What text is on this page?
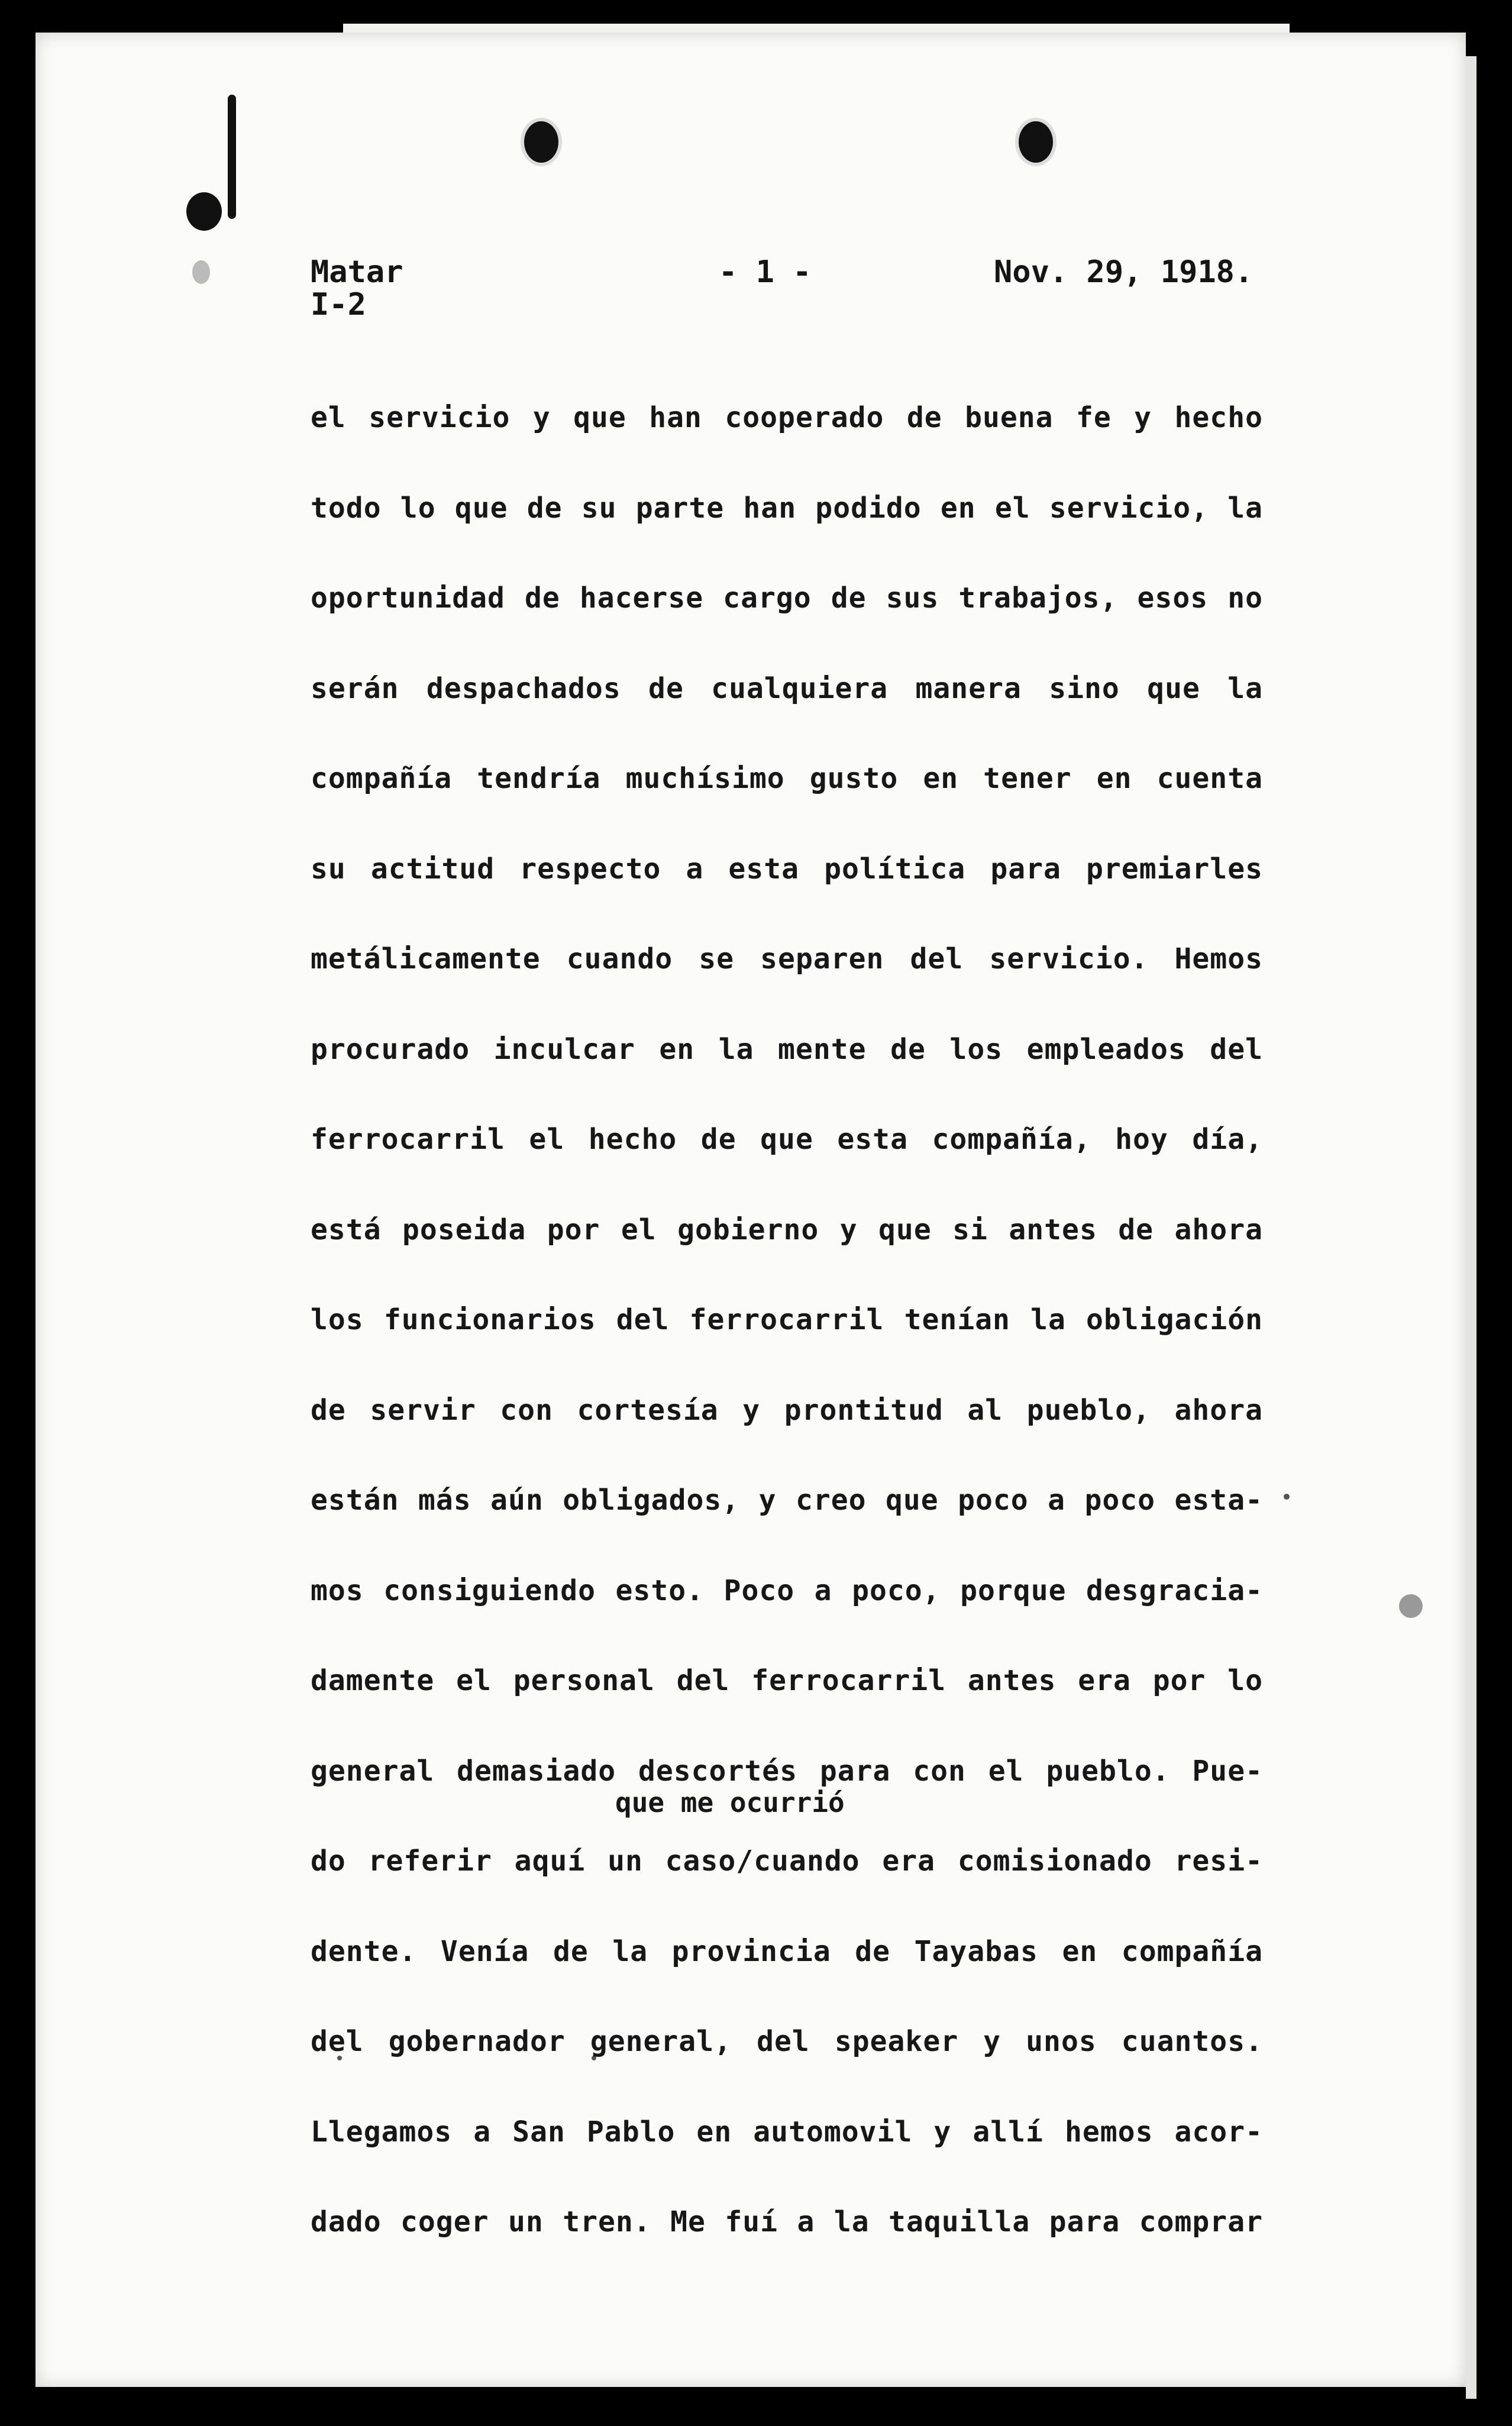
Matar
I-2
- 1 -	Nov. 29, 1918.
el servicio y que han cooperado de buena fe y hecho
todo lo que de su parte han podido en el servicio, la
oportunidad de hacerse cargo de sus trabajos, esos no
serán despachados de cualquiera manera sino que la
compañía tendría muchísimo gusto en tener en cuenta
su actitud respecto a esta política para premiarles
metálicamente cuando se separen del servicio. Hemos
procurado inculcar en la mente de los empleados del
ferrocarril el hecho de que esta compañía, hoy día,
está poseida por el gobierno y que si antes de ahora
los funcionarios del ferrocarril tenían la obligación
de servir con cortesía y prontitud al pueblo, ahora
están más aún obligados, y creo que poco a poco esta-
mos consiguiendo esto. Poco a poco, porque desgracia-
damente el personal del ferrocarril antes era por lo
general demasiado descortés para con el pueblo. Pue-
do referir aquí un caso/cuando era comisionado resi-
dente. Venía de la provincia de Tayabas en compañía
del gobernador general, del speaker y unos cuantos.
Llegamos a San Pablo en automovil y allí hemos acor-
dado coger un tren. Me fuí a la taquilla para comprar
que me ocurrió
